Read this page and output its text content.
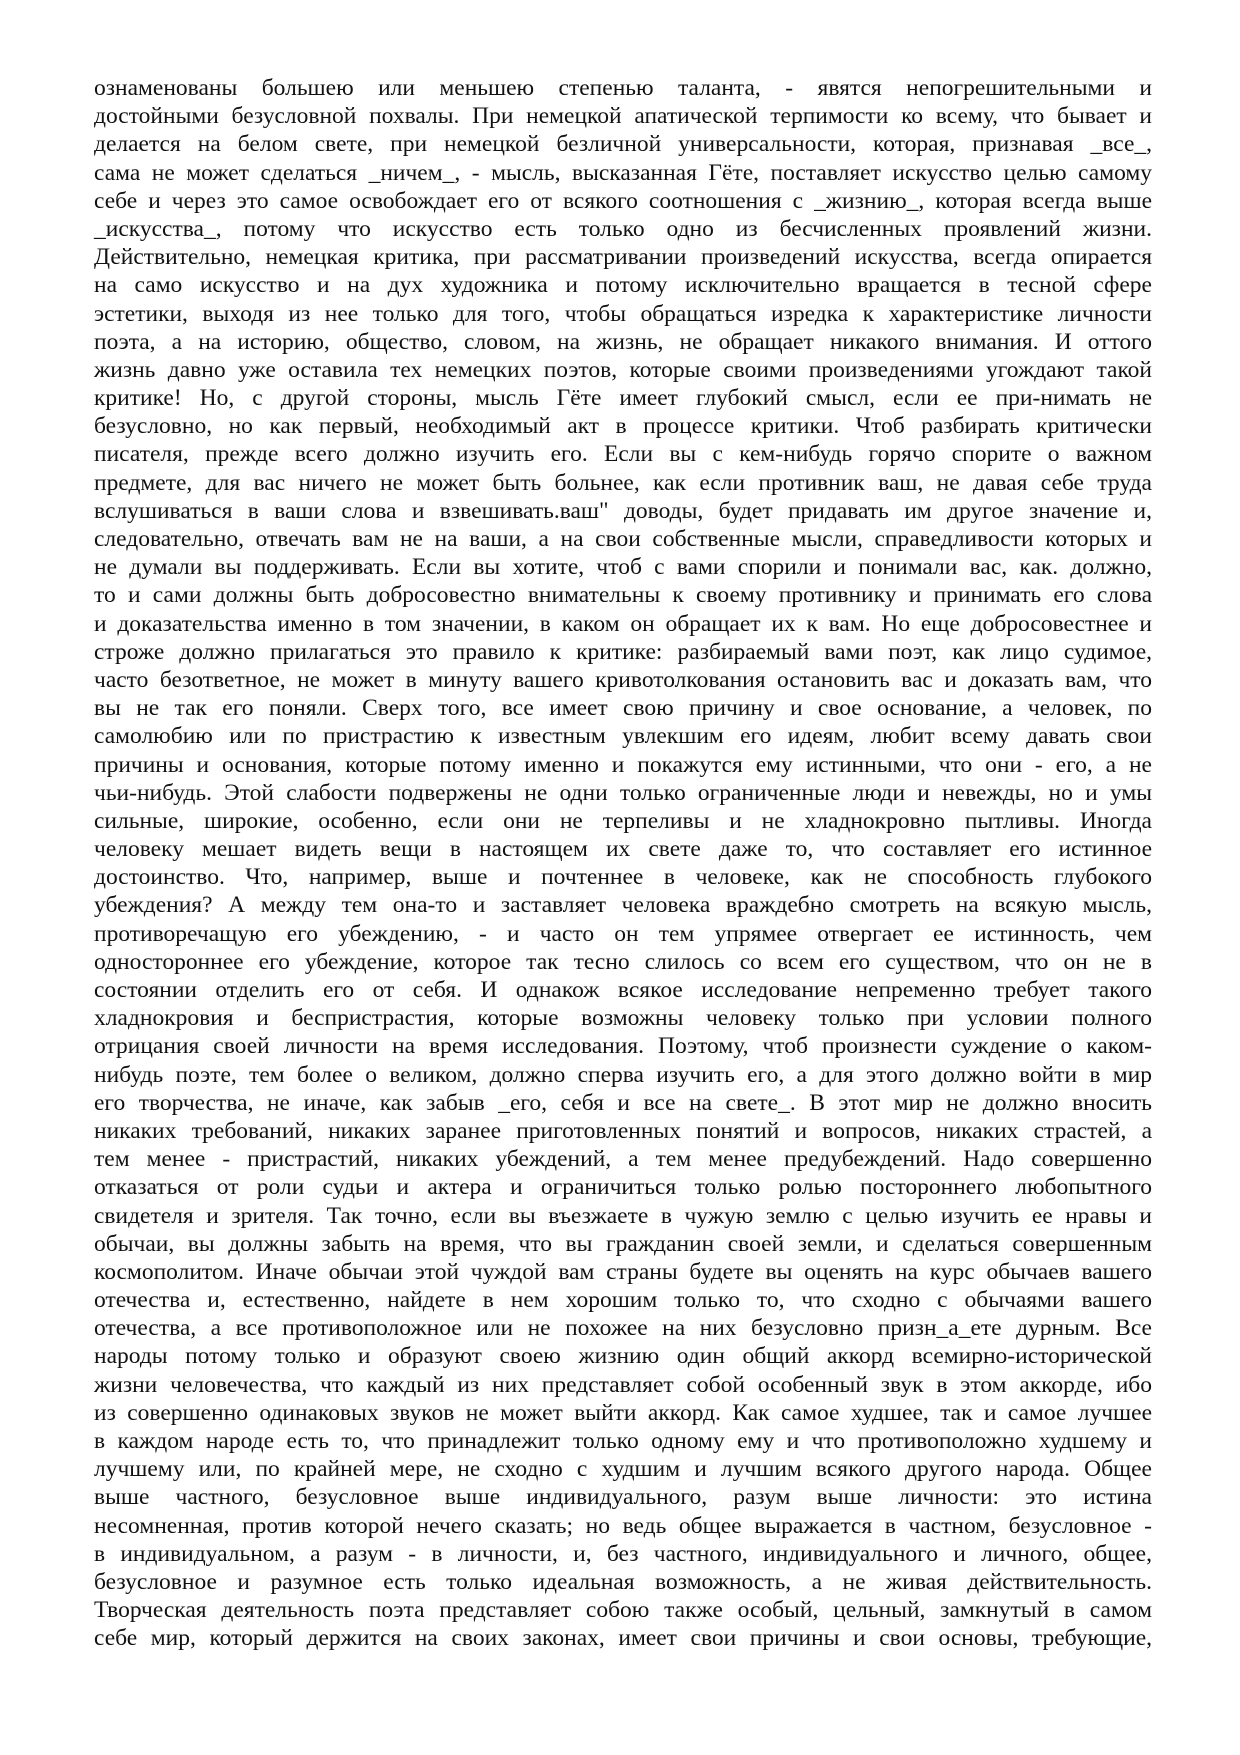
ознаменованы большею или меньшею степенью таланта, - явятся непогрешительными и
достойными безусловной похвалы. При немецкой апатической терпимости ко всему, что бывает и
делается на белом свете, при немецкой безличной универсальности, которая, признавая _все_,
сама не может сделаться _ничем_, - мысль, высказанная Гёте, поставляет искусство целью самому
себе и через это самое освобождает его от всякого соотношения с _жизнию_, которая всегда выше
_искусства_, потому что искусство есть только одно из бесчисленных проявлений жизни.
Действительно, немецкая критика, при рассматривании произведений искусства, всегда опирается
на само искусство и на дух художника и потому исключительно вращается в тесной сфере
эстетики, выходя из нее только для того, чтобы обращаться изредка к характеристике личности
поэта, а на историю, общество, словом, на жизнь, не обращает никакого внимания. И оттого
жизнь давно уже оставила тех немецких поэтов, которые своими произведениями угождают такой
критике! Но, с другой стороны, мысль Гёте имеет глубокий смысл, если ее при-нимать не
безусловно, но как первый, необходимый акт в процессе критики. Чтоб разбирать критически
писателя, прежде всего должно изучить его. Если вы с кем-нибудь горячо спорите о важном
предмете, для вас ничего не может быть больнее, как если противник ваш, не давая себе труда
вслушиваться в ваши слова и взвешивать.ваш" доводы, будет придавать им другое значение и,
следовательно, отвечать вам не на ваши, а на свои собственные мысли, справедливости которых и
не думали вы поддерживать. Если вы хотите, чтоб с вами спорили и понимали вас, как. должно,
то и сами должны быть добросовестно внимательны к своему противнику и принимать его слова
и доказательства именно в том значении, в каком он обращает их к вам. Но еще добросовестнее и
строже должно прилагаться это правило к критике: разбираемый вами поэт, как лицо судимое,
часто безответное, не может в минуту вашего кривотолкования остановить вас и доказать вам, что
вы не так его поняли. Сверх того, все имеет свою причину и свое основание, а человек, по
самолюбию или по пристрастию к известным увлекшим его идеям, любит всему давать свои
причины и основания, которые потому именно и покажутся ему истинными, что они - его, а не
чьи-нибудь. Этой слабости подвержены не одни только ограниченные люди и невежды, но и умы
сильные, широкие, особенно, если они не терпеливы и не хладнокровно пытливы. Иногда
человеку мешает видеть вещи в настоящем их свете даже то, что составляет его истинное
достоинство. Что, например, выше и почтеннее в человеке, как не способность глубокого
убеждения? А между тем она-то и заставляет человека враждебно смотреть на всякую мысль,
противоречащую его убеждению, - и часто он тем упрямее отвергает ее истинность, чем
одностороннее его убеждение, которое так тесно слилось со всем его существом, что он не в
состоянии отделить его от себя. И однакож всякое исследование непременно требует такого
хладнокровия и беспристрастия, которые возможны человеку только при условии полного
отрицания своей личности на время исследования. Поэтому, чтоб произнести суждение о каком-
нибудь поэте, тем более о великом, должно сперва изучить его, а для этого должно войти в мир
его творчества, не иначе, как забыв _его, себя и все на свете_. В этот мир не должно вносить
никаких требований, никаких заранее приготовленных понятий и вопросов, никаких страстей, а
тем менее - пристрастий, никаких убеждений, а тем менее предубеждений. Надо совершенно
отказаться от роли судьи и актера и ограничиться только ролью постороннего любопытного
свидетеля и зрителя. Так точно, если вы въезжаете в чужую землю с целью изучить ее нравы и
обычаи, вы должны забыть на время, что вы гражданин своей земли, и сделаться совершенным
космополитом. Иначе обычаи этой чуждой вам страны будете вы оценять на курс обычаев вашего
отечества и, естественно, найдете в нем хорошим только то, что сходно с обычаями вашего
отечества, а все противоположное или не похожее на них безусловно призн_а_ете дурным. Все
народы потому только и образуют своею жизнию один общий аккорд всемирно-исторической
жизни человечества, что каждый из них представляет собой особенный звук в этом аккорде, ибо
из совершенно одинаковых звуков не может выйти аккорд. Как самое худшее, так и самое лучшее
в каждом народе есть то, что принадлежит только одному ему и что противоположно худшему и
лучшему или, по крайней мере, не сходно с худшим и лучшим всякого другого народа. Общее
выше частного, безусловное выше индивидуального, разум выше личности: это истина
несомненная, против которой нечего сказать; но ведь общее выражается в частном, безусловное -
в индивидуальном, а разум - в личности, и, без частного, индивидуального и личного, общее,
безусловное и разумное есть только идеальная возможность, а не живая действительность.
Творческая деятельность поэта представляет собою также особый, цельный, замкнутый в самом
себе мир, который держится на своих законах, имеет свои причины и свои основы, требующие,
